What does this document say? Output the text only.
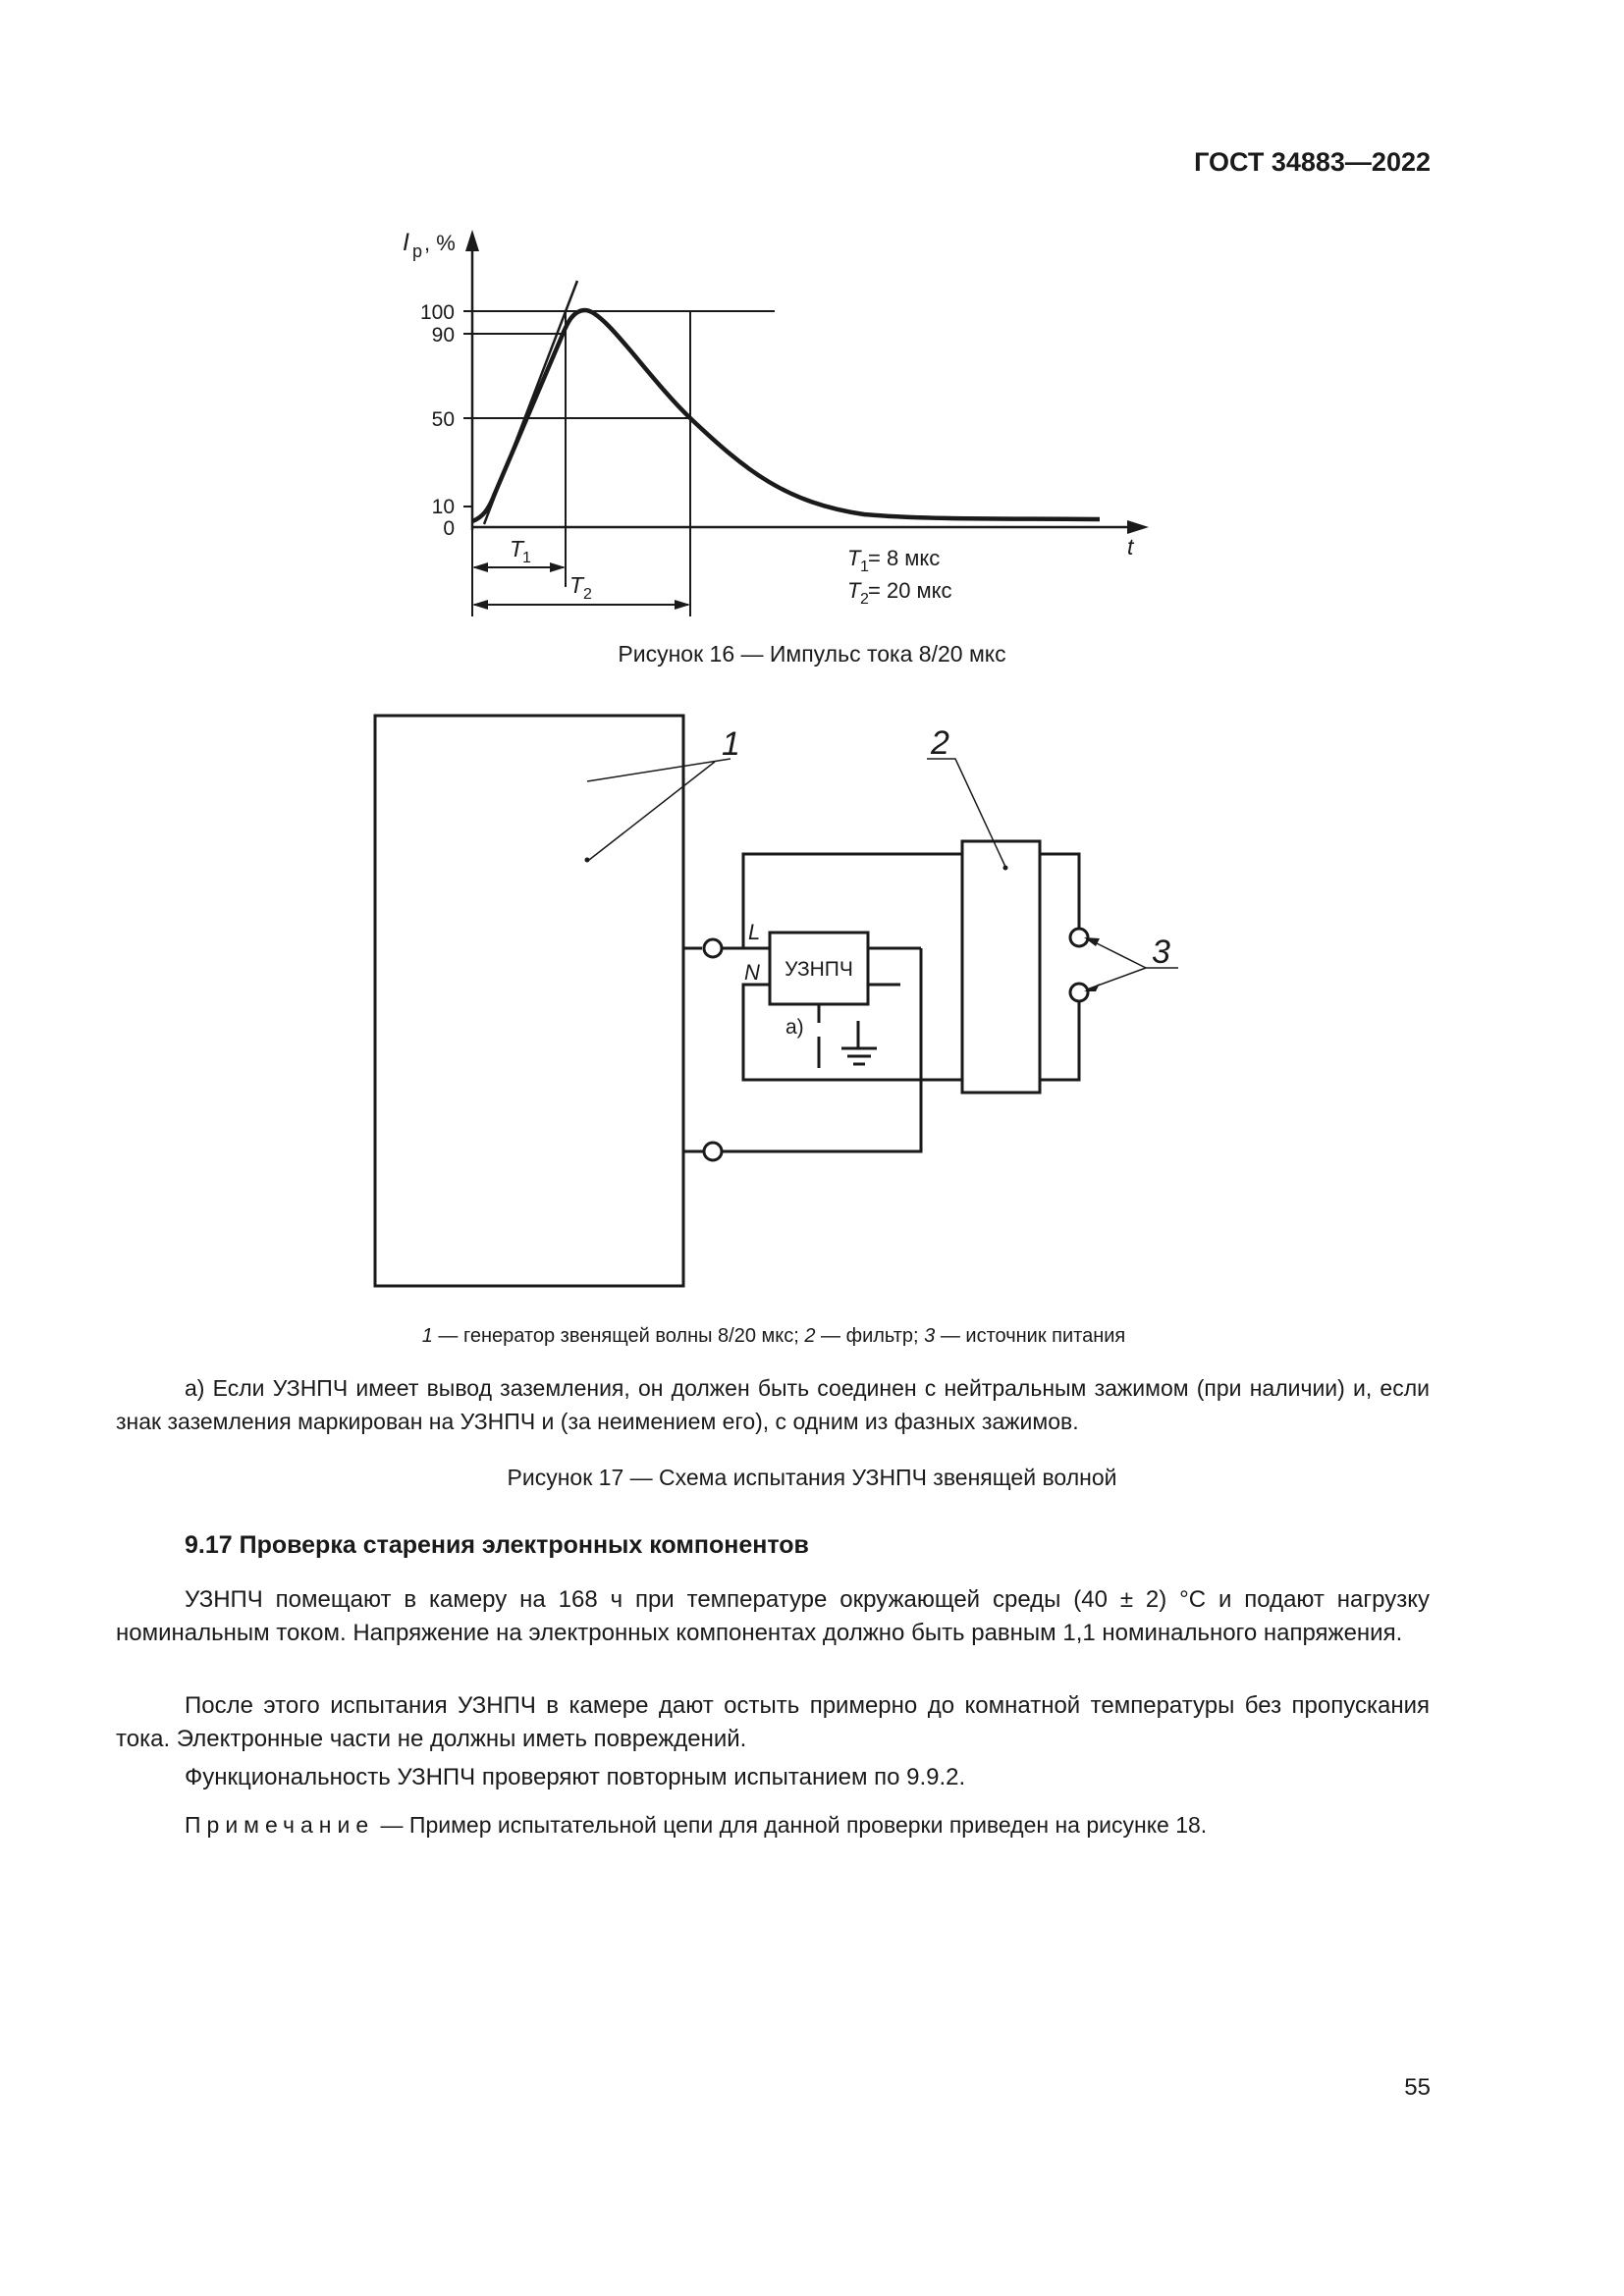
ГОСТ 34883—2022
I p , %
100
90
50
10
0
t
T
1
T 2
T 1 = 8 мкс
T 2 = 20 мкс
1	2
3
L
N УЗНПЧ
а)
Рисунок 16 — Импульс тока 8/20 мкс
1 — генератор звенящей волны 8/20 мкс; 2 — фильтр; 3 — источник питания
а) Если УЗНПЧ имеет вывод заземления, он должен быть соединен с нейтральным зажимом (при наличии) и, если знак заземления маркирован на УЗНПЧ и (за неимением его), с одним из фазных зажимов.
Рисунок 17 — Схема испытания УЗНПЧ звенящей волной
9.17 Проверка старения электронных компонентов
УЗНПЧ помещают в камеру на 168 ч при температуре окружающей среды (40 ± 2) °С и подают нагрузку номинальным током. Напряжение на электронных компонентах должно быть равным 1,1 номинального напряжения.
После этого испытания УЗНПЧ в камере дают остыть примерно до комнатной температуры без пропускания тока. Электронные части не должны иметь повреждений.
Функциональность УЗНПЧ проверяют повторным испытанием по 9.9.2.
Примечание — Пример испытательной цепи для данной проверки приведен на рисунке 18.
55
